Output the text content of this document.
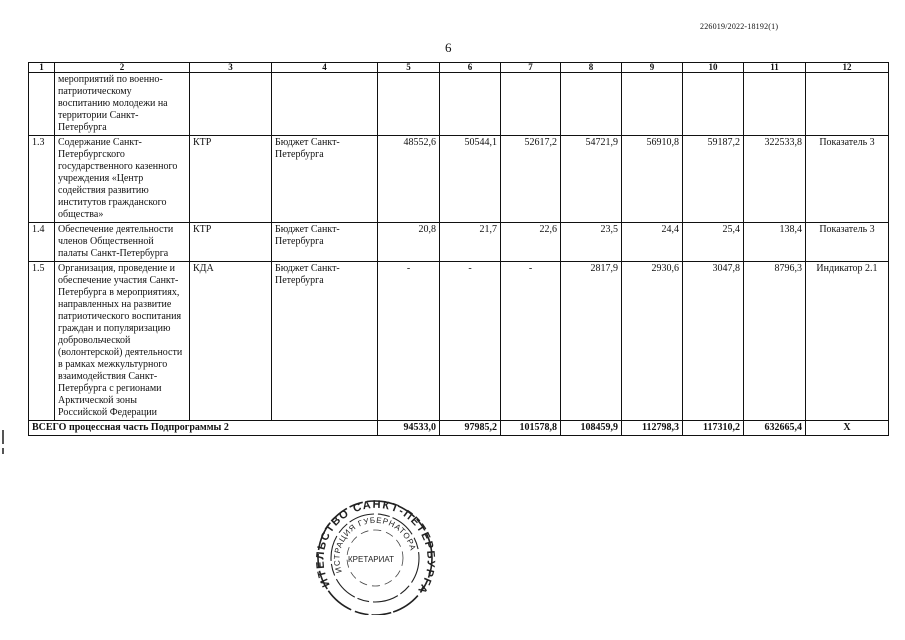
226019/2022-18192(1)
6
1	2	3	4	5	6	7	8	9	10	11	12
	мероприятий по военно-патриотическому воспитанию молодежи на территории Санкт-Петербурга										
1.3	Содержание Санкт-Петербургского государственного казенного учреждения «Центр содействия развитию институтов гражданского общества»	КТР	Бюджет Санкт-Петербурга	48552,6	50544,1	52617,2	54721,9	56910,8	59187,2	322533,8	Показатель 3
1.4	Обеспечение деятельности членов Общественной палаты Санкт-Петербурга	КТР	Бюджет Санкт-Петербурга	20,8	21,7	22,6	23,5	24,4	25,4	138,4	Показатель 3
1.5	Организация, проведение и обеспечение участия Санкт-Петербурга в мероприятиях, направленных на развитие патриотического воспитания граждан и популяризацию добровольческой (волонтерской) деятельности в рамках межкультурного взаимодействия Санкт-Петербурга с регионами Арктической зоны Российской Федерации	КДА	Бюджет Санкт-Петербурга	-	-	-	2817,9	2930,6	3047,8	8796,3	Индикатор 2.1
ВСЕГО процессная часть Подпрограммы 2				94533,0	97985,2	101578,8	108459,9	112798,3	117310,2	632665,4	Х
ИТЕЛЬСТВО САНКТ-ПЕТЕРБУРГА
ИСТРАЦИЯ ГУБЕРНАТОРА
КРЕТАРИАТ
